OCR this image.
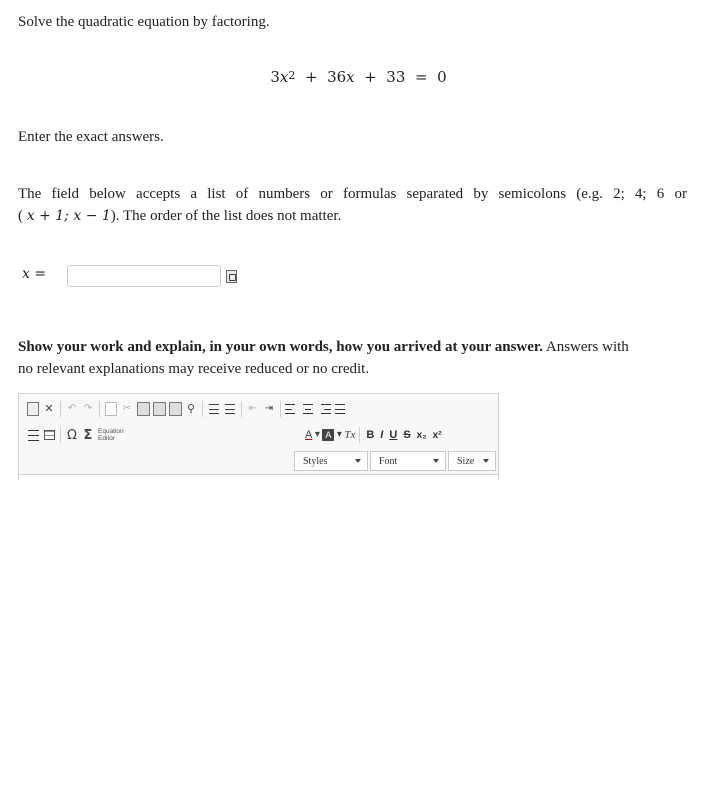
Solve the quadratic equation by factoring.
$3x^2 + 36x + 33 = 0$
Enter the exact answers.
The field below accepts a list of numbers or formulas separated by semicolons (e.g. 2; 4; 6 or
( x + 1; x − 1). The order of the list does not matter.
x =
Show your work and explain, in your own words, how you arrived at your answer. Answers with
no relevant explanations may receive reduced or no credit.
✕ ↶ ↷	✂	⚲	⇤ ⇥
Ω Σ Equation
Editor	A ▾ A ▾ Tx B I U S x₂ x²
Styles	Font	Size
